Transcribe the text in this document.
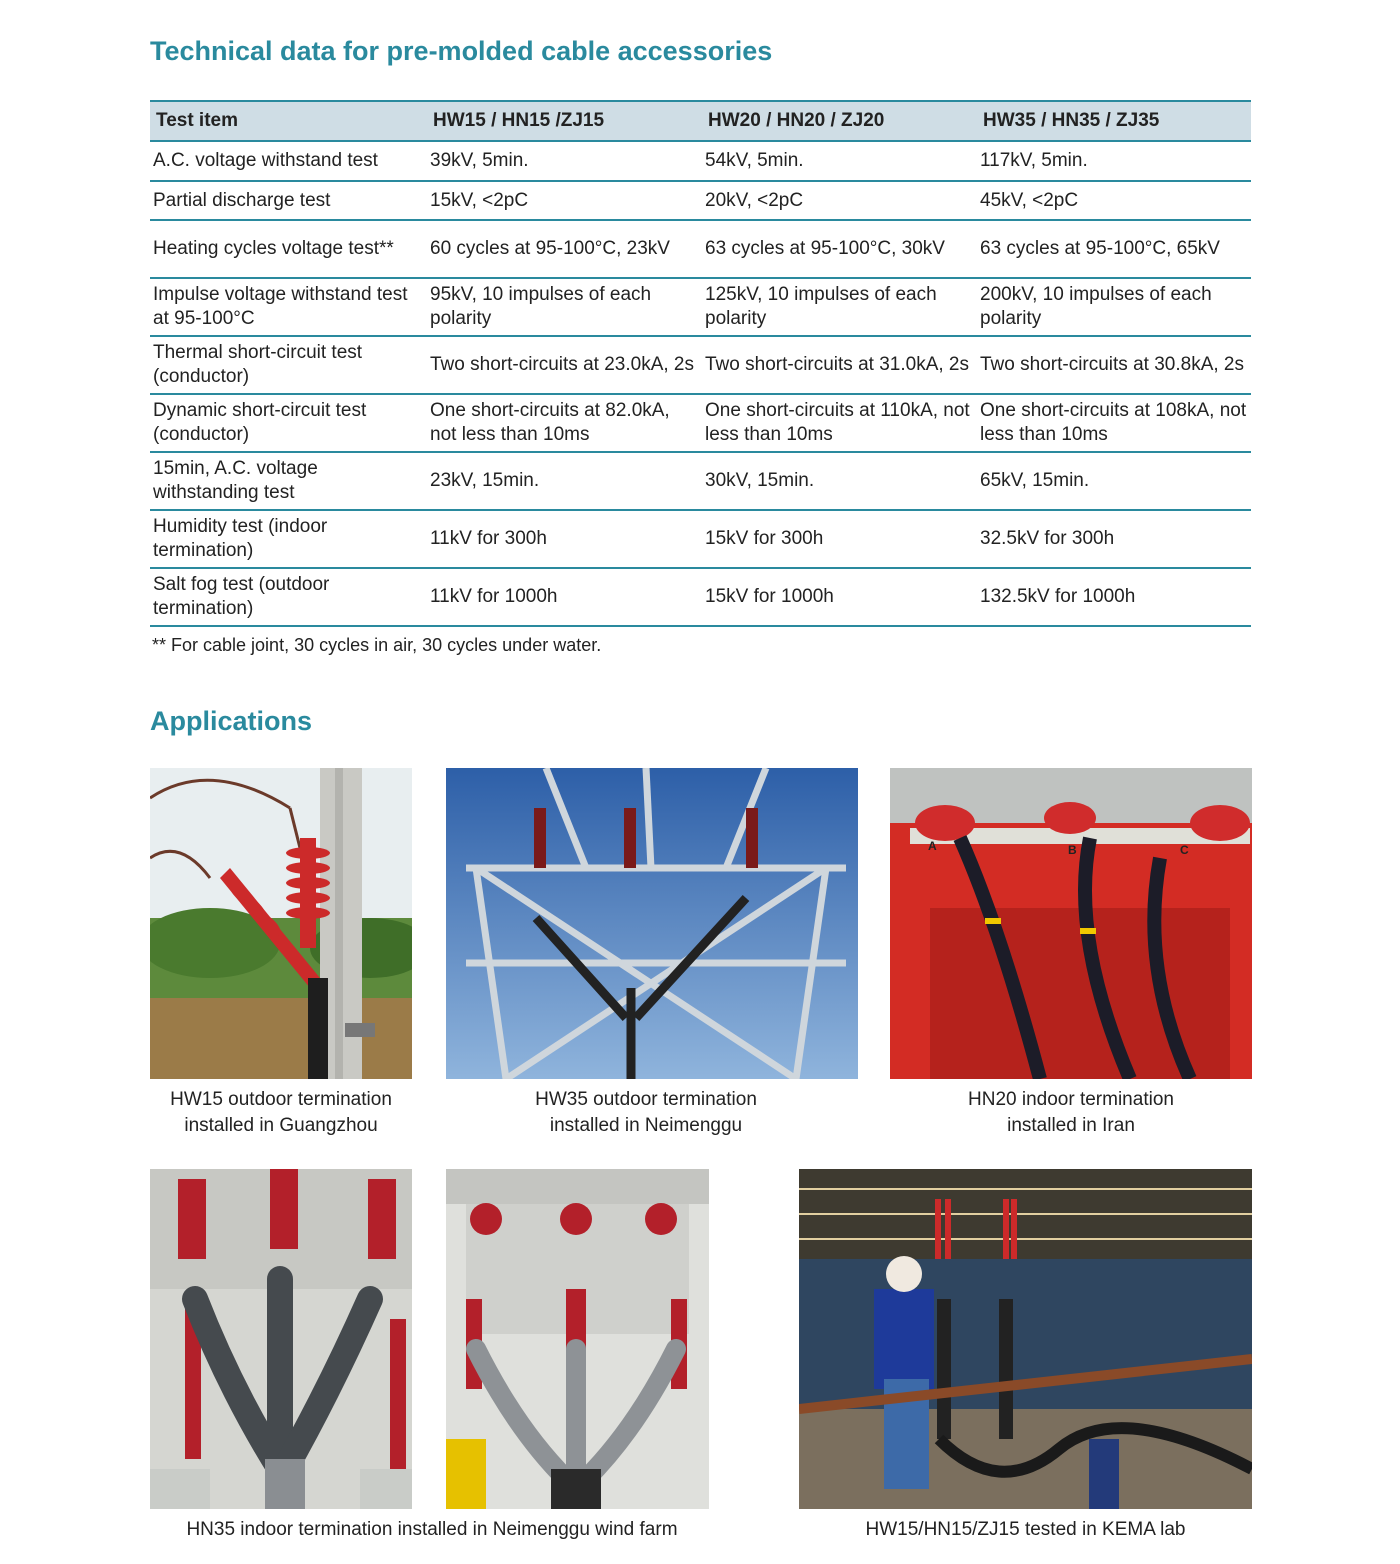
Technical data for pre-molded cable accessories
Test item	HW15 / HN15 /ZJ15	HW20 / HN20 / ZJ20	HW35 / HN35 / ZJ35
A.C. voltage withstand test	39kV, 5min.	54kV, 5min.	117kV, 5min.
Partial discharge test	15kV, <2pC	20kV, <2pC	45kV, <2pC
Heating cycles voltage test**	60 cycles at 95-100°C, 23kV	63 cycles at 95-100°C, 30kV	63 cycles at 95-100°C, 65kV
Impulse voltage withstand test at 95-100°C	95kV, 10 impulses of each polarity	125kV, 10 impulses of each polarity	200kV, 10 impulses of each polarity
Thermal short-circuit test (conductor)	Two short-circuits at 23.0kA, 2s	Two short-circuits at 31.0kA, 2s	Two short-circuits at 30.8kA, 2s
Dynamic short-circuit test (conductor)	One short-circuits at 82.0kA, not less than 10ms	One short-circuits at 110kA, not less than 10ms	One short-circuits at 108kA, not less than 10ms
15min, A.C. voltage withstanding test	23kV, 15min.	30kV, 15min.	65kV, 15min.
Humidity test (indoor termination)	11kV for 300h	15kV for 300h	32.5kV for 300h
Salt fog test (outdoor termination)	11kV for 1000h	15kV for 1000h	132.5kV for 1000h
** For cable joint, 30 cycles in air, 30 cycles under water.
Applications
HW15 outdoor termination
installed in Guangzhou
HW35 outdoor termination
installed in Neimenggu
A	B	C
HN20 indoor termination
installed in Iran
HN35 indoor termination installed in Neimenggu wind farm	HW15/HN15/ZJ15 tested in KEMA lab
